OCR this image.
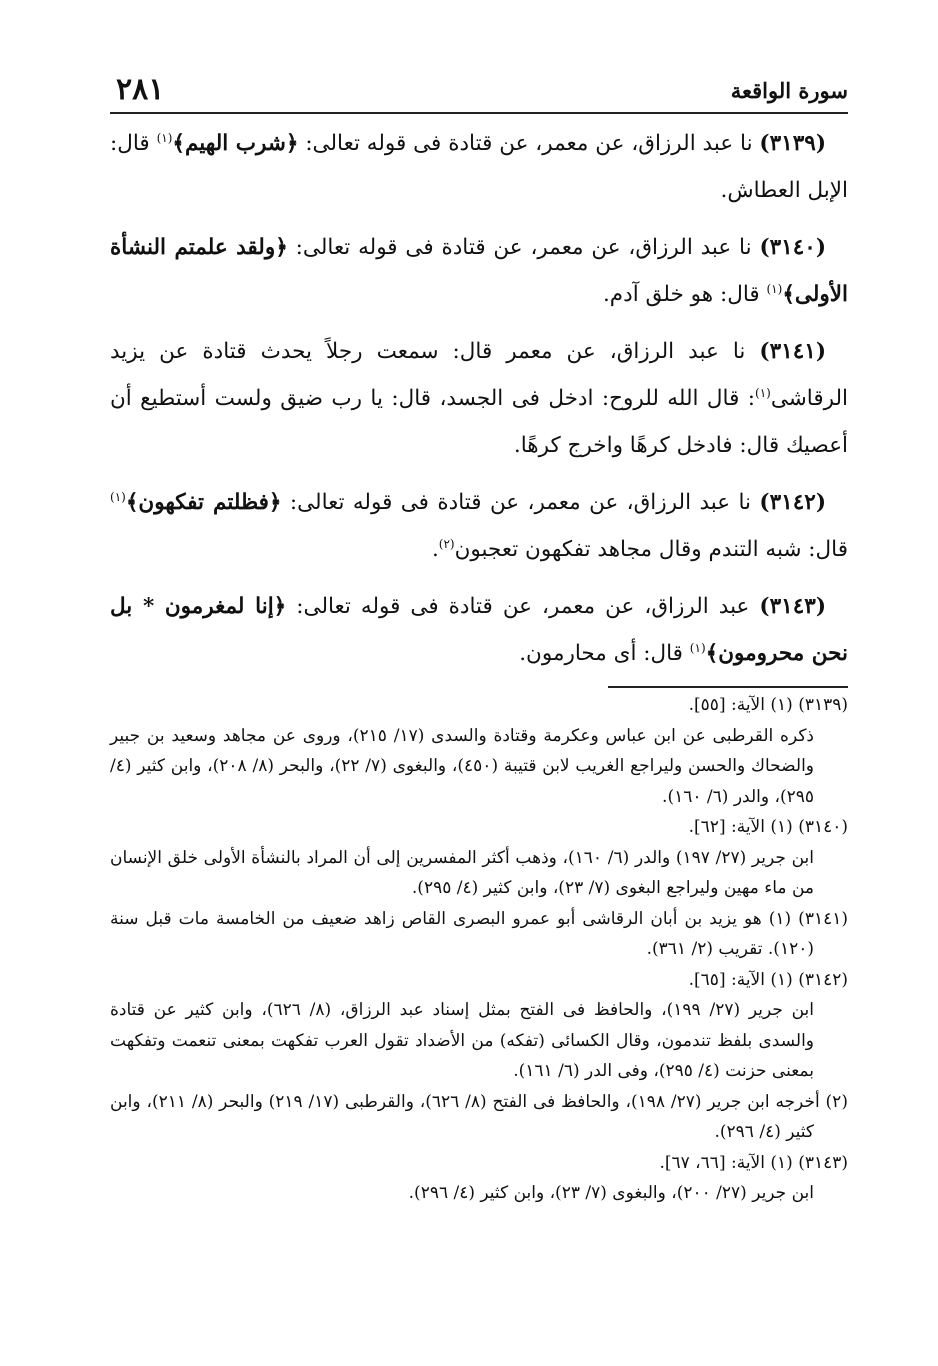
٢٨١	سورة الواقعة

(٣١٣٩) نا عبد الرزاق، عن معمر، عن قتادة فى قوله تعالى: ﴿شرب الهيم﴾$^{(١)}$ قال: الإبل العطاش.

(٣١٤٠) نا عبد الرزاق، عن معمر، عن قتادة فى قوله تعالى: ﴿ولقد علمتم النشأة الأولى﴾$^{(١)}$ قال: هو خلق آدم.

(٣١٤١) نا عبد الرزاق، عن معمر قال: سمعت رجلاً يحدث قتادة عن يزيد الرقاشى$^{(١)}$: قال الله للروح: ادخل فى الجسد، قال: يا رب ضيق ولست أستطيع أن أعصيك قال: فادخل كرهًا واخرج كرهًا.

(٣١٤٢) نا عبد الرزاق، عن معمر، عن قتادة فى قوله تعالى: ﴿فظلتم تفكهون﴾$^{(١)}$ قال: شبه التندم وقال مجاهد تفكهون تعجبون$^{(٢)}$.

(٣١٤٣) عبد الرزاق، عن معمر، عن قتادة فى قوله تعالى: ﴿إنا لمغرمون * بل نحن محرومون﴾$^{(١)}$ قال: أى محارمون.

(٣١٣٩) (١) الآية: [٥٥].

ذكره القرطبى عن ابن عباس وعكرمة وقتادة والسدى (١٧/ ٢١٥)، وروى عن مجاهد وسعيد بن جبير والضحاك والحسن وليراجع الغريب لابن قتيبة (٤٥٠)، والبغوى (٧/ ٢٢)، والبحر (٨/ ٢٠٨)، وابن كثير (٤/ ٢٩٥)، والدر (٦/ ١٦٠).

(٣١٤٠) (١) الآية: [٦٢].

ابن جرير (٢٧/ ١٩٧) والدر (٦/ ١٦٠)، وذهب أكثر المفسرين إلى أن المراد بالنشأة الأولى خلق الإنسان من ماء مهين وليراجع البغوى (٧/ ٢٣)، وابن كثير (٤/ ٢٩٥).

(٣١٤١) (١) هو يزيد بن أبان الرقاشى أبو عمرو البصرى القاص زاهد ضعيف من الخامسة مات قبل سنة (١٢٠). تقريب (٢/ ٣٦١).

(٣١٤٢) (١) الآية: [٦٥].

ابن جرير (٢٧/ ١٩٩)، والحافظ فى الفتح بمثل إسناد عبد الرزاق، (٨/ ٦٢٦)، وابن كثير عن قتادة والسدى بلفظ تندمون، وقال الكسائى (تفكه) من الأضداد تقول العرب تفكهت بمعنى تنعمت وتفكهت بمعنى حزنت (٤/ ٢٩٥)، وفى الدر (٦/ ١٦١).

(٢) أخرجه ابن جرير (٢٧/ ١٩٨)، والحافظ فى الفتح (٨/ ٦٢٦)، والقرطبى (١٧/ ٢١٩) والبحر (٨/ ٢١١)، وابن كثير (٤/ ٢٩٦).

(٣١٤٣) (١) الآية: [٦٦، ٦٧].

ابن جرير (٢٧/ ٢٠٠)، والبغوى (٧/ ٢٣)، وابن كثير (٤/ ٢٩٦).
